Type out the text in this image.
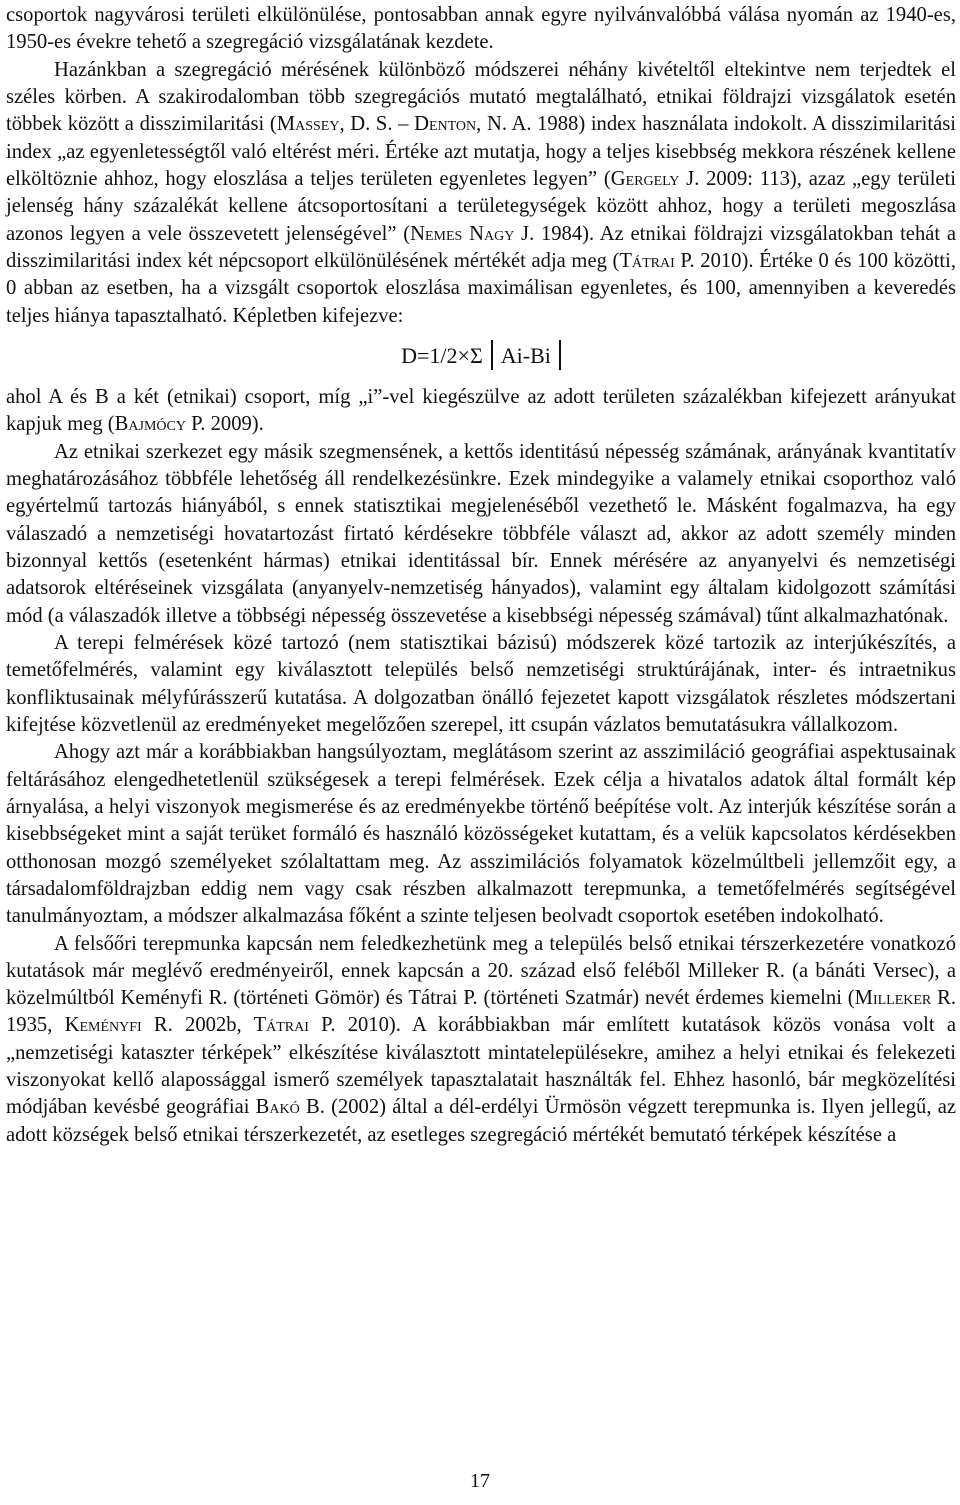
csoportok nagyvárosi területi elkülönülése, pontosabban annak egyre nyilvánvalóbbá válása nyomán az 1940-es, 1950-es évekre tehető a szegregáció vizsgálatának kezdete.

Hazánkban a szegregáció mérésének különböző módszerei néhány kivételtől eltekintve nem terjedtek el széles körben. A szakirodalomban több szegregációs mutató megtalálható, etnikai földrajzi vizsgálatok esetén többek között a disszimilaritási (Massey, D. S. – Denton, N. A. 1988) index használata indokolt. A disszimilaritási index „az egyenletességtől való eltérést méri. Értéke azt mutatja, hogy a teljes kisebbség mekkora részének kellene elköltöznie ahhoz, hogy eloszlása a teljes területen egyenletes legyen” (Gergely J. 2009: 113), azaz „egy területi jelenség hány százalékát kellene átcsoportosítani a területegységek között ahhoz, hogy a területi megoszlása azonos legyen a vele összevetett jelenségével” (Nemes Nagy J. 1984). Az etnikai földrajzi vizsgálatokban tehát a disszimilaritási index két népcsoport elkülönülésének mértékét adja meg (Tátrai P. 2010). Értéke 0 és 100 közötti, 0 abban az esetben, ha a vizsgált csoportok eloszlása maximálisan egyenletes, és 100, amennyiben a keveredés teljes hiánya tapasztalható. Képletben kifejezve:

D=1/2×Σ Ai-Bi

ahol A és B a két (etnikai) csoport, míg „i”-vel kiegészülve az adott területen százalékban kifejezett arányukat kapjuk meg (Bajmócy P. 2009).

Az etnikai szerkezet egy másik szegmensének, a kettős identitású népesség számának, arányának kvantitatív meghatározásához többféle lehetőség áll rendelkezésünkre. Ezek mindegyike a valamely etnikai csoporthoz való egyértelmű tartozás hiányából, s ennek statisztikai megjelenéséből vezethető le. Másként fogalmazva, ha egy válaszadó a nemzetiségi hovatartozást firtató kérdésekre többféle választ ad, akkor az adott személy minden bizonnyal kettős (esetenként hármas) etnikai identitással bír. Ennek mérésére az anyanyelvi és nemzetiségi adatsorok eltéréseinek vizsgálata (anyanyelv-nemzetiség hányados), valamint egy általam kidolgozott számítási mód (a válaszadók illetve a többségi népesség összevetése a kisebbségi népesség számával) tűnt alkalmazhatónak.

A terepi felmérések közé tartozó (nem statisztikai bázisú) módszerek közé tartozik az interjúkészítés, a temetőfelmérés, valamint egy kiválasztott település belső nemzetiségi struktúrájának, inter- és intraetnikus konfliktusainak mélyfúrásszerű kutatása. A dolgozatban önálló fejezetet kapott vizsgálatok részletes módszertani kifejtése közvetlenül az eredményeket megelőzően szerepel, itt csupán vázlatos bemutatásukra vállalkozom.

Ahogy azt már a korábbiakban hangsúlyoztam, meglátásom szerint az asszimiláció geográfiai aspektusainak feltárásához elengedhetetlenül szükségesek a terepi felmérések. Ezek célja a hivatalos adatok által formált kép árnyalása, a helyi viszonyok megismerése és az eredményekbe történő beépítése volt. Az interjúk készítése során a kisebbségeket mint a saját terüket formáló és használó közösségeket kutattam, és a velük kapcsolatos kérdésekben otthonosan mozgó személyeket szólaltattam meg. Az asszimilációs folyamatok közelmúltbeli jellemzőit egy, a társadalomföldrajzban eddig nem vagy csak részben alkalmazott terepmunka, a temetőfelmérés segítségével tanulmányoztam, a módszer alkalmazása főként a szinte teljesen beolvadt csoportok esetében indokolható.

A felsőőri terepmunka kapcsán nem feledkezhetünk meg a település belső etnikai térszerkezetére vonatkozó kutatások már meglévő eredményeiről, ennek kapcsán a 20. század első feléből Milleker R. (a bánáti Versec), a közelmúltból Keményfi R. (történeti Gömör) és Tátrai P. (történeti Szatmár) nevét érdemes kiemelni (Milleker R. 1935, Keményfi R. 2002b, Tátrai P. 2010). A korábbiakban már említett kutatások közös vonása volt a „nemzetiségi kataszter térképek” elkészítése kiválasztott mintatelepülésekre, amihez a helyi etnikai és felekezeti viszonyokat kellő alapossággal ismerő személyek tapasztalatait használták fel. Ehhez hasonló, bár megközelítési módjában kevésbé geográfiai Bakó B. (2002) által a dél-erdélyi Ürmösön végzett terepmunka is. Ilyen jellegű, az adott községek belső etnikai térszerkezetét, az esetleges szegregáció mértékét bemutató térképek készítése a

17
